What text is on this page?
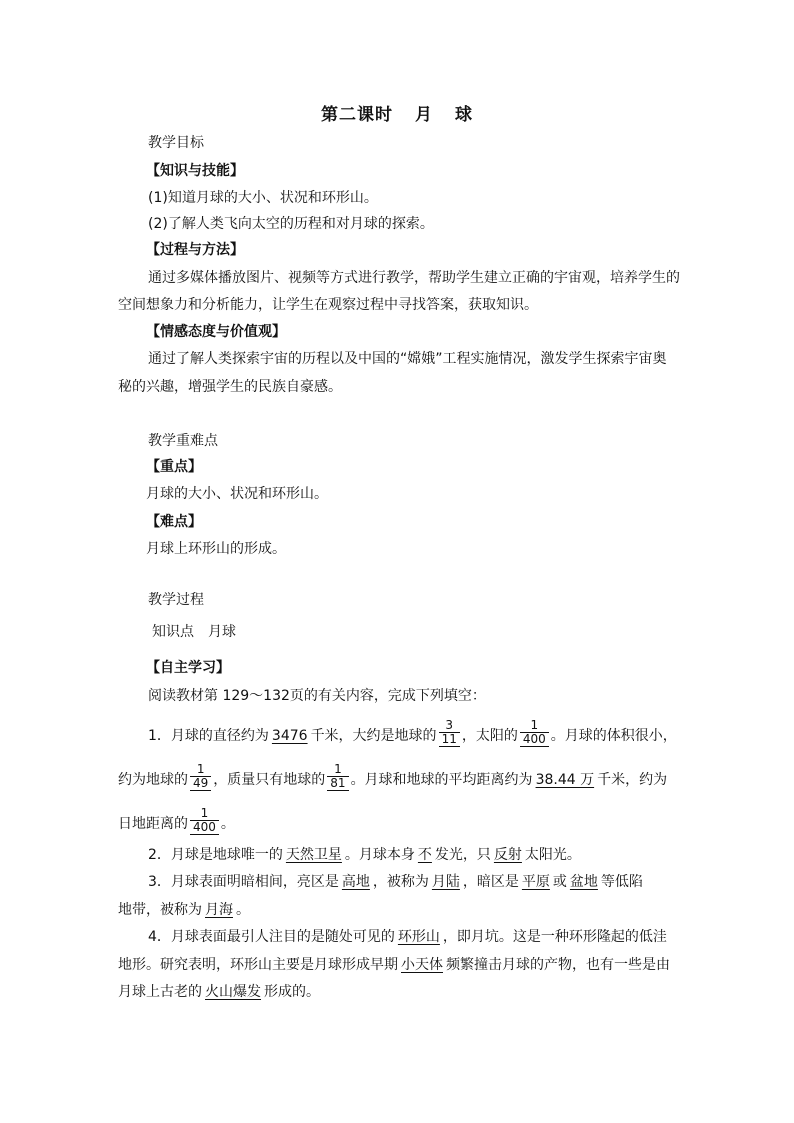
第二课时 月 球
教学目标
【知识与技能】
(1)知道月球的大小、状况和环形山。
(2)了解人类飞向太空的历程和对月球的探索。
【过程与方法】
通过多媒体播放图片、视频等方式进行教学，帮助学生建立正确的宇宙观，培养学生的
空间想象力和分析能力，让学生在观察过程中寻找答案，获取知识。
【情感态度与价值观】
通过了解人类探索宇宙的历程以及中国的“嫦娥”工程实施情况，激发学生探索宇宙奥
秘的兴趣，增强学生的民族自豪感。
教学重难点
【重点】
月球的大小、状况和环形山。
【难点】
月球上环形山的形成。
教学过程
知识点　月球
【自主学习】
阅读教材第 129～132页的有关内容，完成下列填空：
1．月球的直径约为 3476 千米，大约是地球的 $\frac{3}{11}$ ，太阳的 $\frac{1}{400}$ 。月球的体积很小，
约为地球的 $\frac{1}{49}$ ，质量只有地球的 $\frac{1}{81}$ 。月球和地球的平均距离约为 38.44 万 千米，约为
日地距离的 $\frac{1}{400}$ 。
2．月球是地球唯一的 天然卫星 。月球本身 不 发光，只 反射 太阳光。
3．月球表面明暗相间，亮区是 高地 ，被称为 月陆 ，暗区是 平原 或 盆地 等低陷
地带，被称为 月海 。
4．月球表面最引人注目的是随处可见的 环形山 ，即月坑。这是一种环形隆起的低洼
地形。研究表明，环形山主要是月球形成早期 小天体 频繁撞击月球的产物，也有一些是由
月球上古老的 火山爆发 形成的。
